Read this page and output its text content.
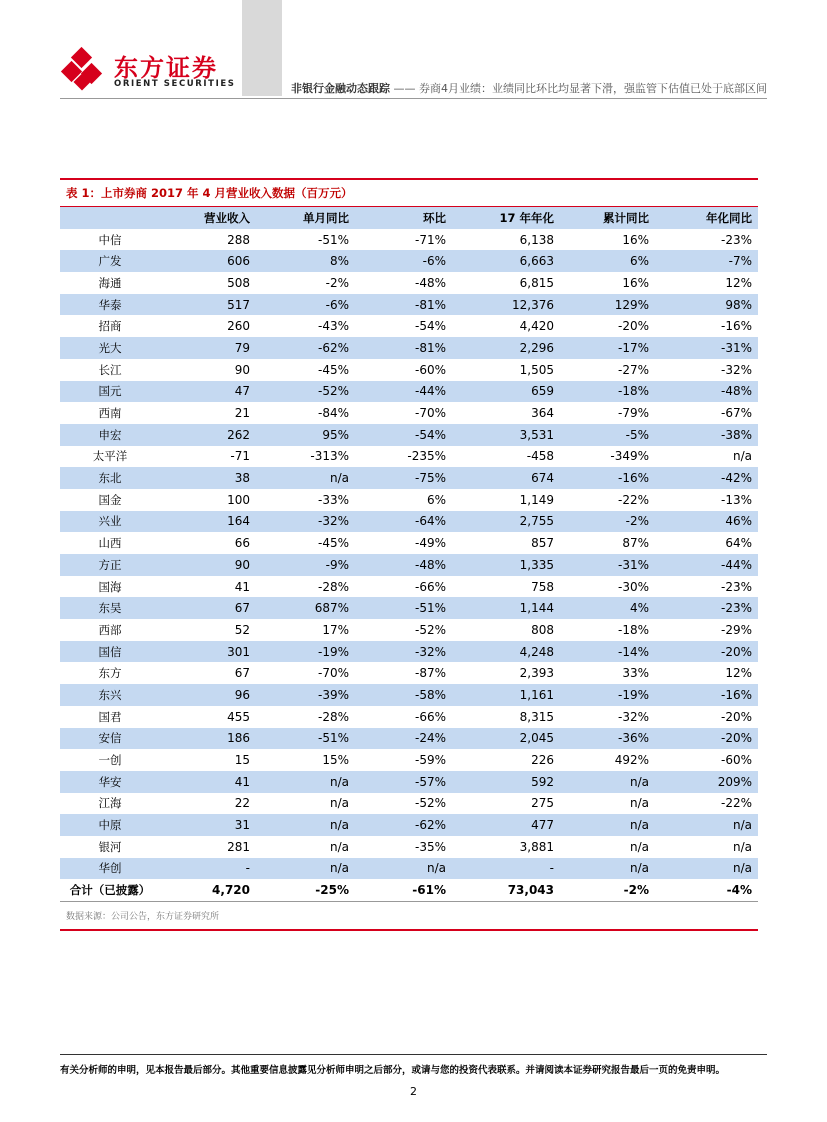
东方证券
ORIENT SECURITIES	非银行金融动态跟踪 —— 券商4月业绩：业绩同比环比均显著下滑，强监管下估值已处于底部区间
表 1：上市券商 2017 年 4 月营业收入数据（百万元）
	营业收入	单月同比	环比	17 年年化	累计同比	年化同比
中信	288	-51%	-71%	6,138	16%	-23%
广发	606	8%	-6%	6,663	6%	-7%
海通	508	-2%	-48%	6,815	16%	12%
华泰	517	-6%	-81%	12,376	129%	98%
招商	260	-43%	-54%	4,420	-20%	-16%
光大	79	-62%	-81%	2,296	-17%	-31%
长江	90	-45%	-60%	1,505	-27%	-32%
国元	47	-52%	-44%	659	-18%	-48%
西南	21	-84%	-70%	364	-79%	-67%
申宏	262	95%	-54%	3,531	-5%	-38%
太平洋	-71	-313%	-235%	-458	-349%	n/a
东北	38	n/a	-75%	674	-16%	-42%
国金	100	-33%	6%	1,149	-22%	-13%
兴业	164	-32%	-64%	2,755	-2%	46%
山西	66	-45%	-49%	857	87%	64%
方正	90	-9%	-48%	1,335	-31%	-44%
国海	41	-28%	-66%	758	-30%	-23%
东吴	67	687%	-51%	1,144	4%	-23%
西部	52	17%	-52%	808	-18%	-29%
国信	301	-19%	-32%	4,248	-14%	-20%
东方	67	-70%	-87%	2,393	33%	12%
东兴	96	-39%	-58%	1,161	-19%	-16%
国君	455	-28%	-66%	8,315	-32%	-20%
安信	186	-51%	-24%	2,045	-36%	-20%
一创	15	15%	-59%	226	492%	-60%
华安	41	n/a	-57%	592	n/a	209%
江海	22	n/a	-52%	275	n/a	-22%
中原	31	n/a	-62%	477	n/a	n/a
银河	281	n/a	-35%	3,881	n/a	n/a
华创	-	n/a	n/a	-	n/a	n/a
合计（已披露）	4,720	-25%	-61%	73,043	-2%	-4%
数据来源：公司公告，东方证券研究所
有关分析师的申明，见本报告最后部分。其他重要信息披露见分析师申明之后部分，或请与您的投资代表联系。并请阅读本证券研究报告最后一页的免责申明。
2
